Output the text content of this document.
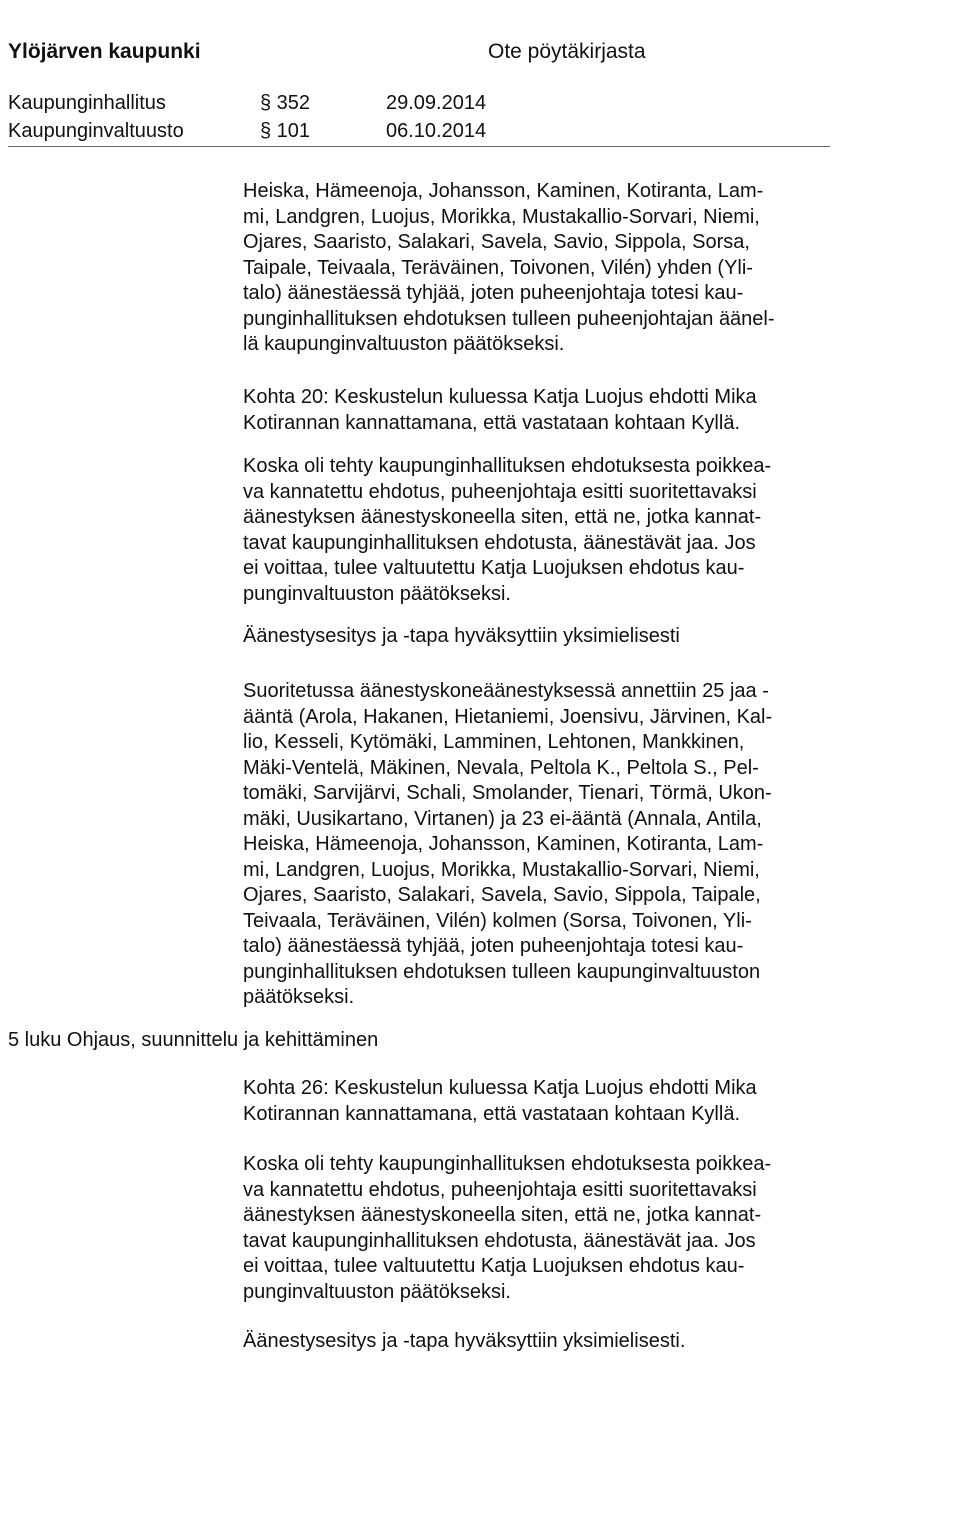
Ylöjärven kaupunki	Ote pöytäkirjasta
Kaupunginhallitus	§ 352	29.09.2014
Kaupunginvaltuusto	§ 101	06.10.2014
5 luku Ohjaus, suunnittelu ja kehittäminen
Heiska, Hämeenoja, Johansson, Kaminen, Kotiranta, Lam-
mi, Landgren, Luojus, Morikka, Mustakallio-Sorvari, Niemi,
Ojares, Saaristo, Salakari, Savela, Savio, Sippola, Sorsa,
Taipale, Teivaala, Teräväinen, Toivonen, Vilén) yhden (Yli-
talo) äänestäessä tyhjää, joten puheenjohtaja totesi kau-
punginhallituksen ehdotuksen tulleen puheenjohtajan äänel-
lä kaupunginvaltuuston päätökseksi.
Kohta 20: Keskustelun kuluessa Katja Luojus ehdotti Mika
Kotirannan kannattamana, että vastataan kohtaan Kyllä.
Koska oli tehty kaupunginhallituksen ehdotuksesta poikkea-
va kannatettu ehdotus, puheenjohtaja esitti suoritettavaksi
äänestyksen äänestyskoneella siten, että ne, jotka kannat-
tavat kaupunginhallituksen ehdotusta, äänestävät jaa. Jos
ei voittaa, tulee valtuutettu Katja Luojuksen ehdotus kau-
punginvaltuuston päätökseksi.
Äänestysesitys ja -tapa hyväksyttiin yksimielisesti
Suoritetussa äänestyskoneäänestyksessä annettiin 25 jaa -
ääntä (Arola, Hakanen, Hietaniemi, Joensivu, Järvinen, Kal-
lio, Kesseli, Kytömäki, Lamminen, Lehtonen, Mankkinen,
Mäki-Ventelä, Mäkinen, Nevala, Peltola K., Peltola S., Pel-
tomäki, Sarvijärvi, Schali, Smolander, Tienari, Törmä, Ukon-
mäki, Uusikartano, Virtanen) ja 23 ei-ääntä (Annala, Antila,
Heiska, Hämeenoja, Johansson, Kaminen, Kotiranta, Lam-
mi, Landgren, Luojus, Morikka, Mustakallio-Sorvari, Niemi,
Ojares, Saaristo, Salakari, Savela, Savio, Sippola, Taipale,
Teivaala, Teräväinen, Vilén) kolmen (Sorsa, Toivonen, Yli-
talo) äänestäessä tyhjää, joten puheenjohtaja totesi kau-
punginhallituksen ehdotuksen tulleen kaupunginvaltuuston
päätökseksi.
Kohta 26: Keskustelun kuluessa Katja Luojus ehdotti Mika
Kotirannan kannattamana, että vastataan kohtaan Kyllä.
Koska oli tehty kaupunginhallituksen ehdotuksesta poikkea-
va kannatettu ehdotus, puheenjohtaja esitti suoritettavaksi
äänestyksen äänestyskoneella siten, että ne, jotka kannat-
tavat kaupunginhallituksen ehdotusta, äänestävät jaa. Jos
ei voittaa, tulee valtuutettu Katja Luojuksen ehdotus kau-
punginvaltuuston päätökseksi.
Äänestysesitys ja -tapa hyväksyttiin yksimielisesti.
